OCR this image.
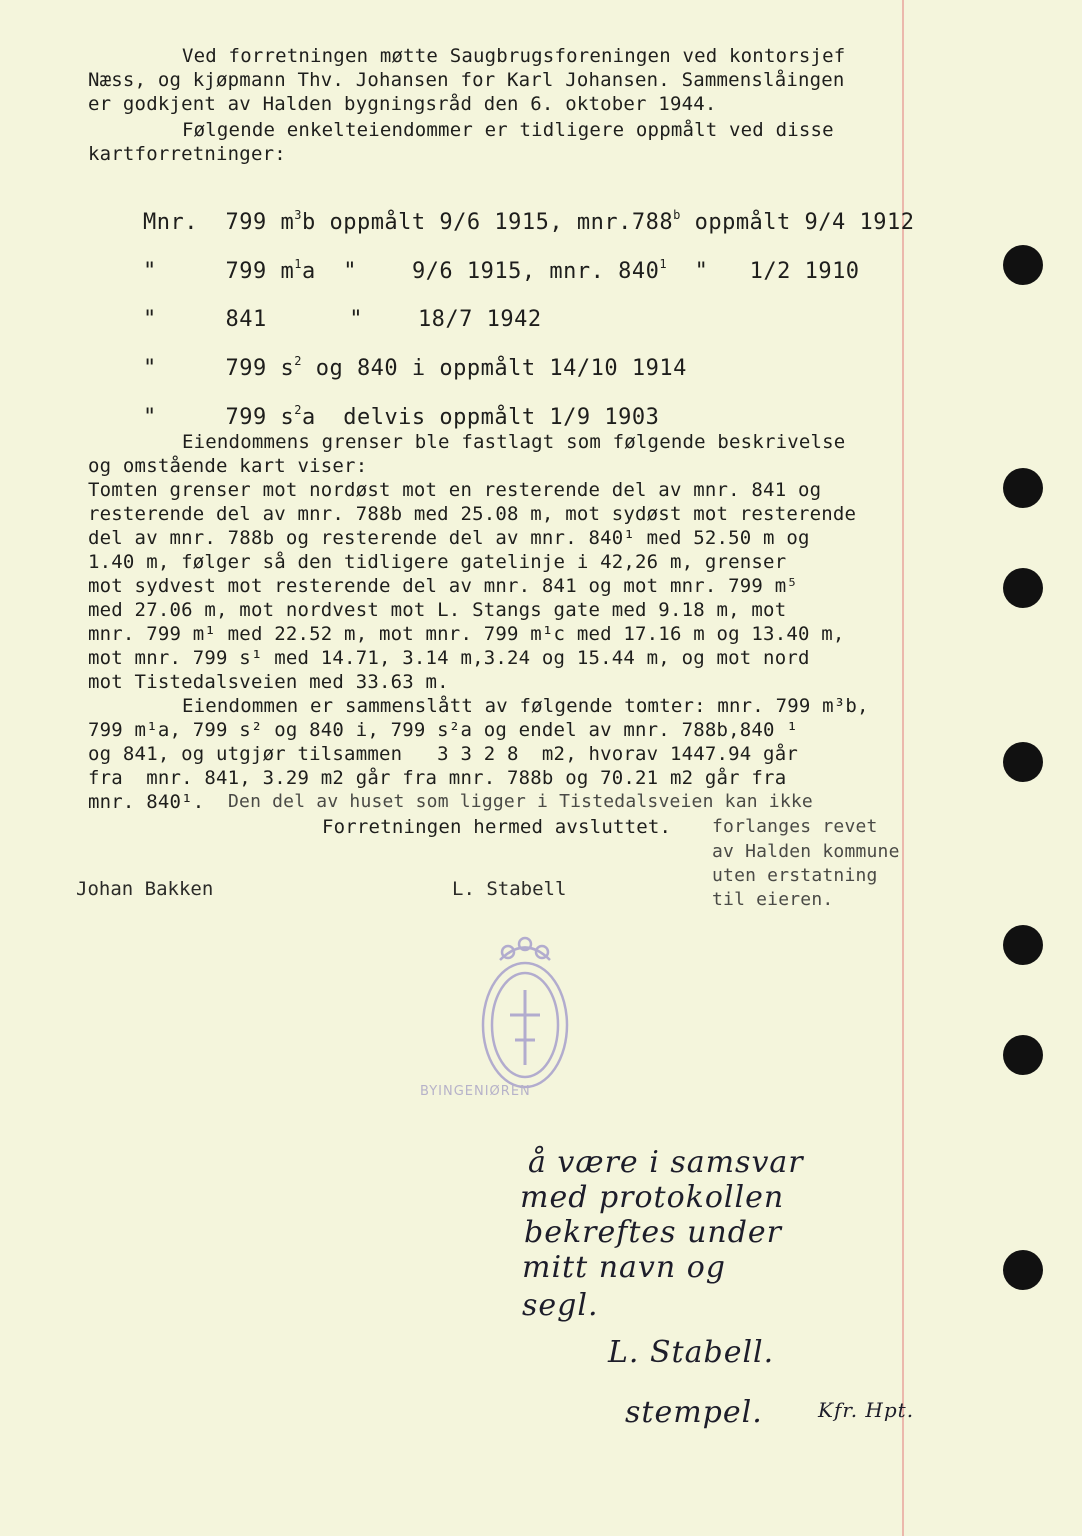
Ved forretningen møtte Saugbrugsforeningen ved kontorsjef
Næss, og kjøpmann Thv. Johansen for Karl Johansen. Sammenslåingen
er godkjent av Halden bygningsråd den 6. oktober 1944.
Følgende enkelteiendommer er tidligere oppmålt ved disse
kartforretninger:

Mnr. 799 $m^3b$ oppmålt 9/6 1915, mnr.788$^b$ oppmålt 9/4 1912

"	799 $m^1a$ " 9/6 1915, mnr. $840^1$ " 1/2 1910

"	841	" 18/7 1942

"	799 $s^2$ og 840 i oppmålt 14/10 1914

"	799 $s^2a$ delvis oppmålt 1/9 1903

Eiendommens grenser ble fastlagt som følgende beskrivelse
og omstående kart viser:
Tomten grenser mot nordøst mot en resterende del av mnr. 841 og
resterende del av mnr. 788b med 25.08 m, mot sydøst mot resterende
del av mnr. 788b og resterende del av mnr. 840¹ med 52.50 m og
1.40 m, følger så den tidligere gatelinje i 42,26 m, grenser
mot sydvest mot resterende del av mnr. 841 og mot mnr. 799 m⁵
med 27.06 m, mot nordvest mot L. Stangs gate med 9.18 m, mot
mnr. 799 m¹ med 22.52 m, mot mnr. 799 m¹c med 17.16 m og 13.40 m,
mot mnr. 799 s¹ med 14.71, 3.14 m,3.24 og 15.44 m, og mot nord
mot Tistedalsveien med 33.63 m.
Eiendommen er sammenslått av følgende tomter: mnr. 799 m³b,
799 m¹a, 799 s² og 840 i, 799 s²a og endel av mnr. 788b,840 ¹
og 841, og utgjør tilsammen   3 3 2 8  m2, hvorav 1447.94 går
fra  mnr. 841, 3.29 m2 går fra mnr. 788b og 70.21 m2 går fra
mnr. 840¹. Den del av huset som ligger i Tistedalsveien kan ikke
Forretningen hermed avsluttet. forlanges revet
av Halden kommune
uten erstatning
til eieren.
Johan Bakken	L. Stabell
BYINGENIØREN
å være i samsvar
med protokollen
bekreftes under
mitt navn og
segl.
L. Stabell.
stempel.	Kfr. Hpt.
